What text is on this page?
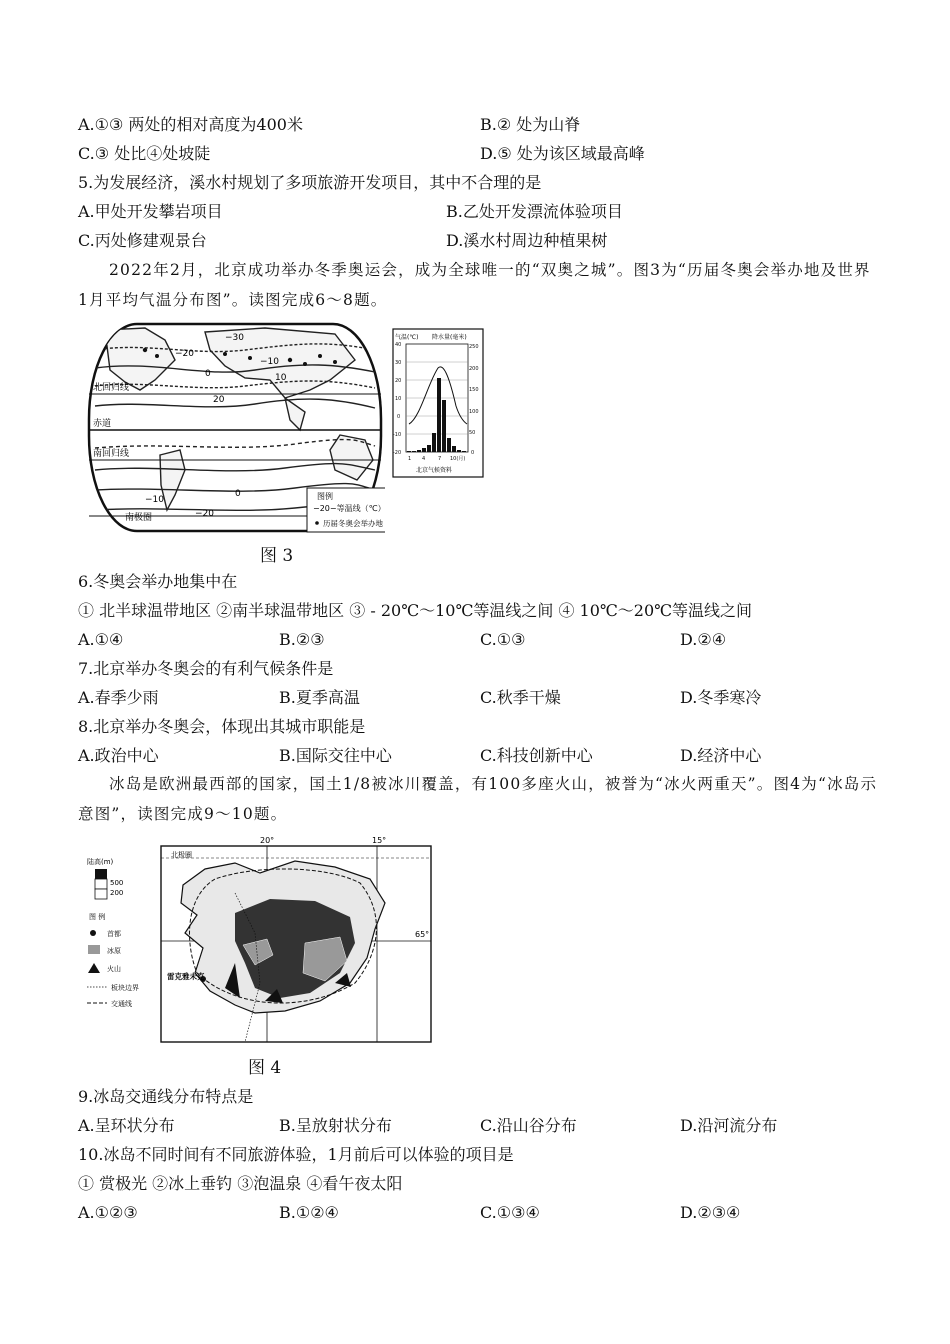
A.①③ 两处的相对高度为400米	B.② 处为山脊
C.③ 处比④处坡陡	D.⑤ 处为该区域最高峰
5.为发展经济，溪水村规划了多项旅游开发项目，其中不合理的是
A.甲处开发攀岩项目	B.乙处开发漂流体验项目
C.丙处修建观景台	D.溪水村周边种植果树
2022年2月，北京成功举办冬季奥运会，成为全球唯一的“双奥之城”。图3为“历届冬奥会举办地及世界1月平均气温分布图”。读图完成6～8题。
北回归线
赤道
南回归线
南极圈
−30
−20
−10
0	10
20
0
−10
−20
图例
−20−等温线（℃）
历届冬奥会举办地
气温(℃) 降水量(毫米)
40
30
20
10
0
-10
-20
250
200
150
100
50
0
1 4	7 10(月)
北京气候资料
图 3
6.冬奥会举办地集中在
① 北半球温带地区 ②南半球温带地区 ③ - 20℃～10℃等温线之间 ④ 10℃～20℃等温线之间
A.①④	B.②③	C.①③	D.②④
7.北京举办冬奥会的有利气候条件是
A.春季少雨	B.夏季高温	C.秋季干燥	D.冬季寒冷
8.北京举办冬奥会，体现出其城市职能是
A.政治中心	B.国际交往中心	C.科技创新中心	D.经济中心
冰岛是欧洲最西部的国家，国土1/8被冰川覆盖，有100多座火山，被誉为“冰火两重天”。图4为“冰岛示意图”，读图完成9～10题。
20°	15°
65°
北极圈
雷克雅未克
陆高(m)
500
200
图 例
首都
冰原
火山
板块边界
交通线
图 4
9.冰岛交通线分布特点是
A.呈环状分布	B.呈放射状分布	C.沿山谷分布	D.沿河流分布
10.冰岛不同时间有不同旅游体验，1月前后可以体验的项目是
① 赏极光 ②冰上垂钓 ③泡温泉 ④看午夜太阳
A.①②③	B.①②④	C.①③④	D.②③④
